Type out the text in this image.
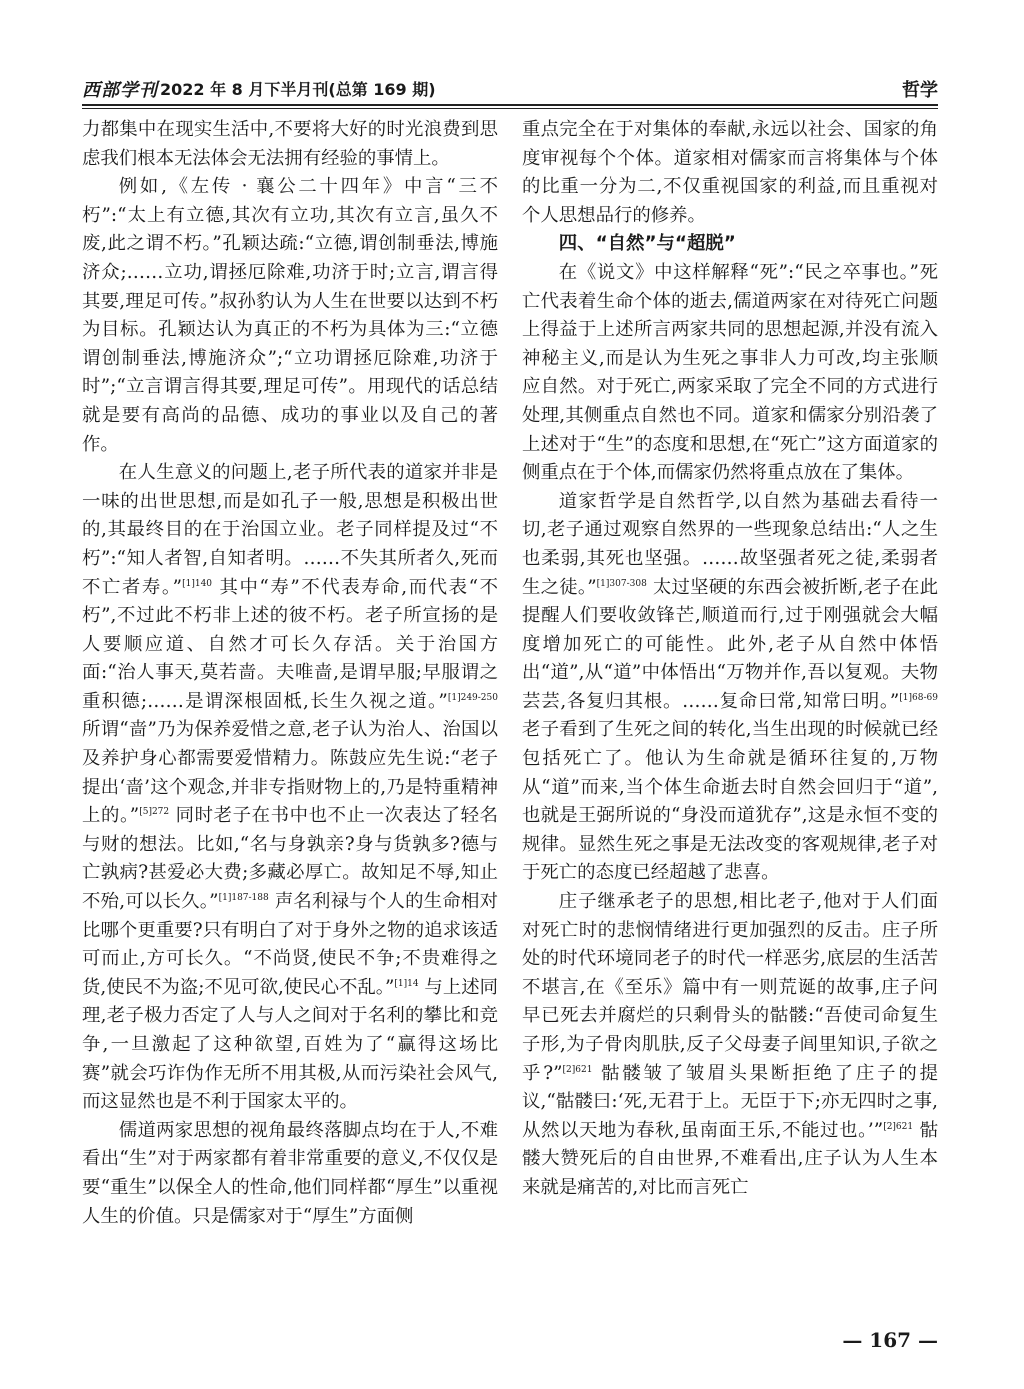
西部学刊 2022 年 8 月下半月刊(总第 169 期)	哲学

力都集中在现实生活中,不要将大好的时光浪费到思虑我们根本无法体会无法拥有经验的事情上。

例如,《左传 · 襄公二十四年》中言“三不朽”:“太上有立德,其次有立功,其次有立言,虽久不废,此之谓不朽。”孔颖达疏:“立德,谓创制垂法,博施济众;……立功,谓拯厄除难,功济于时;立言,谓言得其要,理足可传。”叔孙豹认为人生在世要以达到不朽为目标。孔颖达认为真正的不朽为具体为三:“立德谓创制垂法,博施济众”;“立功谓拯厄除难,功济于时”;“立言谓言得其要,理足可传”。用现代的话总结就是要有高尚的品德、成功的事业以及自己的著作。

在人生意义的问题上,老子所代表的道家并非是一味的出世思想,而是如孔子一般,思想是积极出世的,其最终目的在于治国立业。老子同样提及过“不朽”:“知人者智,自知者明。……不失其所者久,死而不亡者寿。”$^{[1]140}$ 其中“寿”不代表寿命,而代表“不朽”,不过此不朽非上述的彼不朽。老子所宣扬的是人要顺应道、自然才可长久存活。关于治国方面:“治人事天,莫若啬。夫唯啬,是谓早服;早服谓之重积德;……是谓深根固柢,长生久视之道。”$^{[1]249-250}$ 所谓“啬”乃为保养爱惜之意,老子认为治人、治国以及养护身心都需要爱惜精力。陈鼓应先生说:“老子提出‘啬’这个观念,并非专指财物上的,乃是特重精神上的。”$^{[5]272}$ 同时老子在书中也不止一次表达了轻名与财的想法。比如,“名与身孰亲?身与货孰多?德与亡孰病?甚爱必大费;多藏必厚亡。故知足不辱,知止不殆,可以长久。”$^{[1]187-188}$ 声名利禄与个人的生命相对比哪个更重要?只有明白了对于身外之物的追求该适可而止,方可长久。“不尚贤,使民不争;不贵难得之货,使民不为盗;不见可欲,使民心不乱。”$^{[1]14}$ 与上述同理,老子极力否定了人与人之间对于名利的攀比和竞争,一旦激起了这种欲望,百姓为了“赢得这场比赛”就会巧诈伪作无所不用其极,从而污染社会风气,而这显然也是不利于国家太平的。

儒道两家思想的视角最终落脚点均在于人,不难看出“生”对于两家都有着非常重要的意义,不仅仅是要“重生”以保全人的性命,他们同样都“厚生”以重视人生的价值。只是儒家对于“厚生”方面侧

重点完全在于对集体的奉献,永远以社会、国家的角度审视每个个体。道家相对儒家而言将集体与个体的比重一分为二,不仅重视国家的利益,而且重视对个人思想品行的修养。

四、“自然”与“超脱”

在《说文》中这样解释“死”:“民之卒事也。”死亡代表着生命个体的逝去,儒道两家在对待死亡问题上得益于上述所言两家共同的思想起源,并没有流入神秘主义,而是认为生死之事非人力可改,均主张顺应自然。对于死亡,两家采取了完全不同的方式进行处理,其侧重点自然也不同。道家和儒家分别沿袭了上述对于“生”的态度和思想,在“死亡”这方面道家的侧重点在于个体,而儒家仍然将重点放在了集体。

道家哲学是自然哲学,以自然为基础去看待一切,老子通过观察自然界的一些现象总结出:“人之生也柔弱,其死也坚强。……故坚强者死之徒,柔弱者生之徒。”$^{[1]307-308}$ 太过坚硬的东西会被折断,老子在此提醒人们要收敛锋芒,顺道而行,过于刚强就会大幅度增加死亡的可能性。此外,老子从自然中体悟出“道”,从“道”中体悟出“万物并作,吾以复观。夫物芸芸,各复归其根。……复命曰常,知常曰明。”$^{[1]68-69}$ 老子看到了生死之间的转化,当生出现的时候就已经包括死亡了。他认为生命就是循环往复的,万物从“道”而来,当个体生命逝去时自然会回归于“道”,也就是王弼所说的“身没而道犹存”,这是永恒不变的规律。显然生死之事是无法改变的客观规律,老子对于死亡的态度已经超越了悲喜。

庄子继承老子的思想,相比老子,他对于人们面对死亡时的悲悯情绪进行更加强烈的反击。庄子所处的时代环境同老子的时代一样恶劣,底层的生活苦不堪言,在《至乐》篇中有一则荒诞的故事,庄子问早已死去并腐烂的只剩骨头的骷髅:“吾使司命复生子形,为子骨肉肌肤,反子父母妻子闾里知识,子欲之乎?”$^{[2]621}$ 骷髅皱了皱眉头果断拒绝了庄子的提议,“骷髅曰:‘死,无君于上。无臣于下;亦无四时之事,从然以天地为春秋,虽南面王乐,不能过也。’”$^{[2]621}$ 骷髅大赞死后的自由世界,不难看出,庄子认为人生本来就是痛苦的,对比而言死亡

— 167 —
